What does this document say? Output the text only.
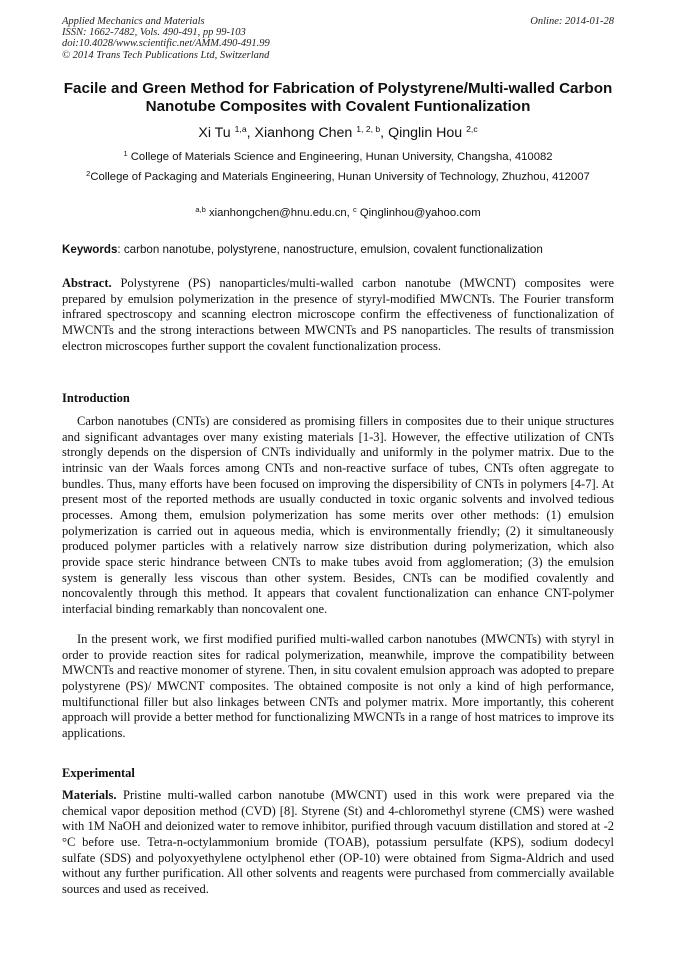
Applied Mechanics and Materials
ISSN: 1662-7482, Vols. 490-491, pp 99-103
doi:10.4028/www.scientific.net/AMM.490-491.99
© 2014 Trans Tech Publications Ltd, Switzerland
Online: 2014-01-28
Facile and Green Method for Fabrication of Polystyrene/Multi-walled Carbon Nanotube Composites with Covalent Funtionalization
Xi Tu $^{1,a}$, Xianhong Chen $^{1, 2, b}$, Qinglin Hou $^{2,c}$
$^1$ College of Materials Science and Engineering, Hunan University, Changsha, 410082
$^2$College of Packaging and Materials Engineering, Hunan University of Technology, Zhuzhou, 412007
$^{a,b}$ xianhongchen@hnu.edu.cn, $^c$ Qinglinhou@yahoo.com
Keywords: carbon nanotube, polystyrene, nanostructure, emulsion, covalent functionalization

Abstract. Polystyrene (PS) nanoparticles/multi-walled carbon nanotube (MWCNT) composites were prepared by emulsion polymerization in the presence of styryl-modified MWCNTs. The Fourier transform infrared spectroscopy and scanning electron microscope confirm the effectiveness of functionalization of MWCNTs and the strong interactions between MWCNTs and PS nanoparticles. The results of transmission electron microscopes further support the covalent functionalization process.

Introduction

Carbon nanotubes (CNTs) are considered as promising fillers in composites due to their unique structures and significant advantages over many existing materials [1-3]. However, the effective utilization of CNTs strongly depends on the dispersion of CNTs individually and uniformly in the polymer matrix. Due to the intrinsic van der Waals forces among CNTs and non-reactive surface of tubes, CNTs often aggregate to bundles. Thus, many efforts have been focused on improving the dispersibility of CNTs in polymers [4-7]. At present most of the reported methods are usually conducted in toxic organic solvents and involved tedious processes. Among them, emulsion polymerization has some merits over other methods: (1) emulsion polymerization is carried out in aqueous media, which is environmentally friendly; (2) it simultaneously produced polymer particles with a relatively narrow size distribution during polymerization, which also provide space steric hindrance between CNTs to make tubes avoid from agglomeration; (3) the emulsion system is generally less viscous than other system. Besides, CNTs can be modified covalently and noncovalently through this method. It appears that covalent functionalization can enhance CNT-polymer interfacial binding remarkably than noncovalent one.

In the present work, we first modified purified multi-walled carbon nanotubes (MWCNTs) with styryl in order to provide reaction sites for radical polymerization, meanwhile, improve the compatibility between MWCNTs and reactive monomer of styrene. Then, in situ covalent emulsion approach was adopted to prepare polystyrene (PS)/ MWCNT composites. The obtained composite is not only a kind of high performance, multifunctional filler but also linkages between CNTs and polymer matrix. More importantly, this coherent approach will provide a better method for functionalizing MWCNTs in a range of host matrices to improve its applications.

Experimental

Materials. Pristine multi-walled carbon nanotube (MWCNT) used in this work were prepared via the chemical vapor deposition method (CVD) [8]. Styrene (St) and 4-chloromethyl styrene (CMS) were washed with 1M NaOH and deionized water to remove inhibitor, purified through vacuum distillation and stored at -2 °C before use. Tetra-n-octylammonium bromide (TOAB), potassium persulfate (KPS), sodium dodecyl sulfate (SDS) and polyoxyethylene octylphenol ether (OP-10) were obtained from Sigma-Aldrich and used without any further purification. All other solvents and reagents were purchased from commercially available sources and used as received.
